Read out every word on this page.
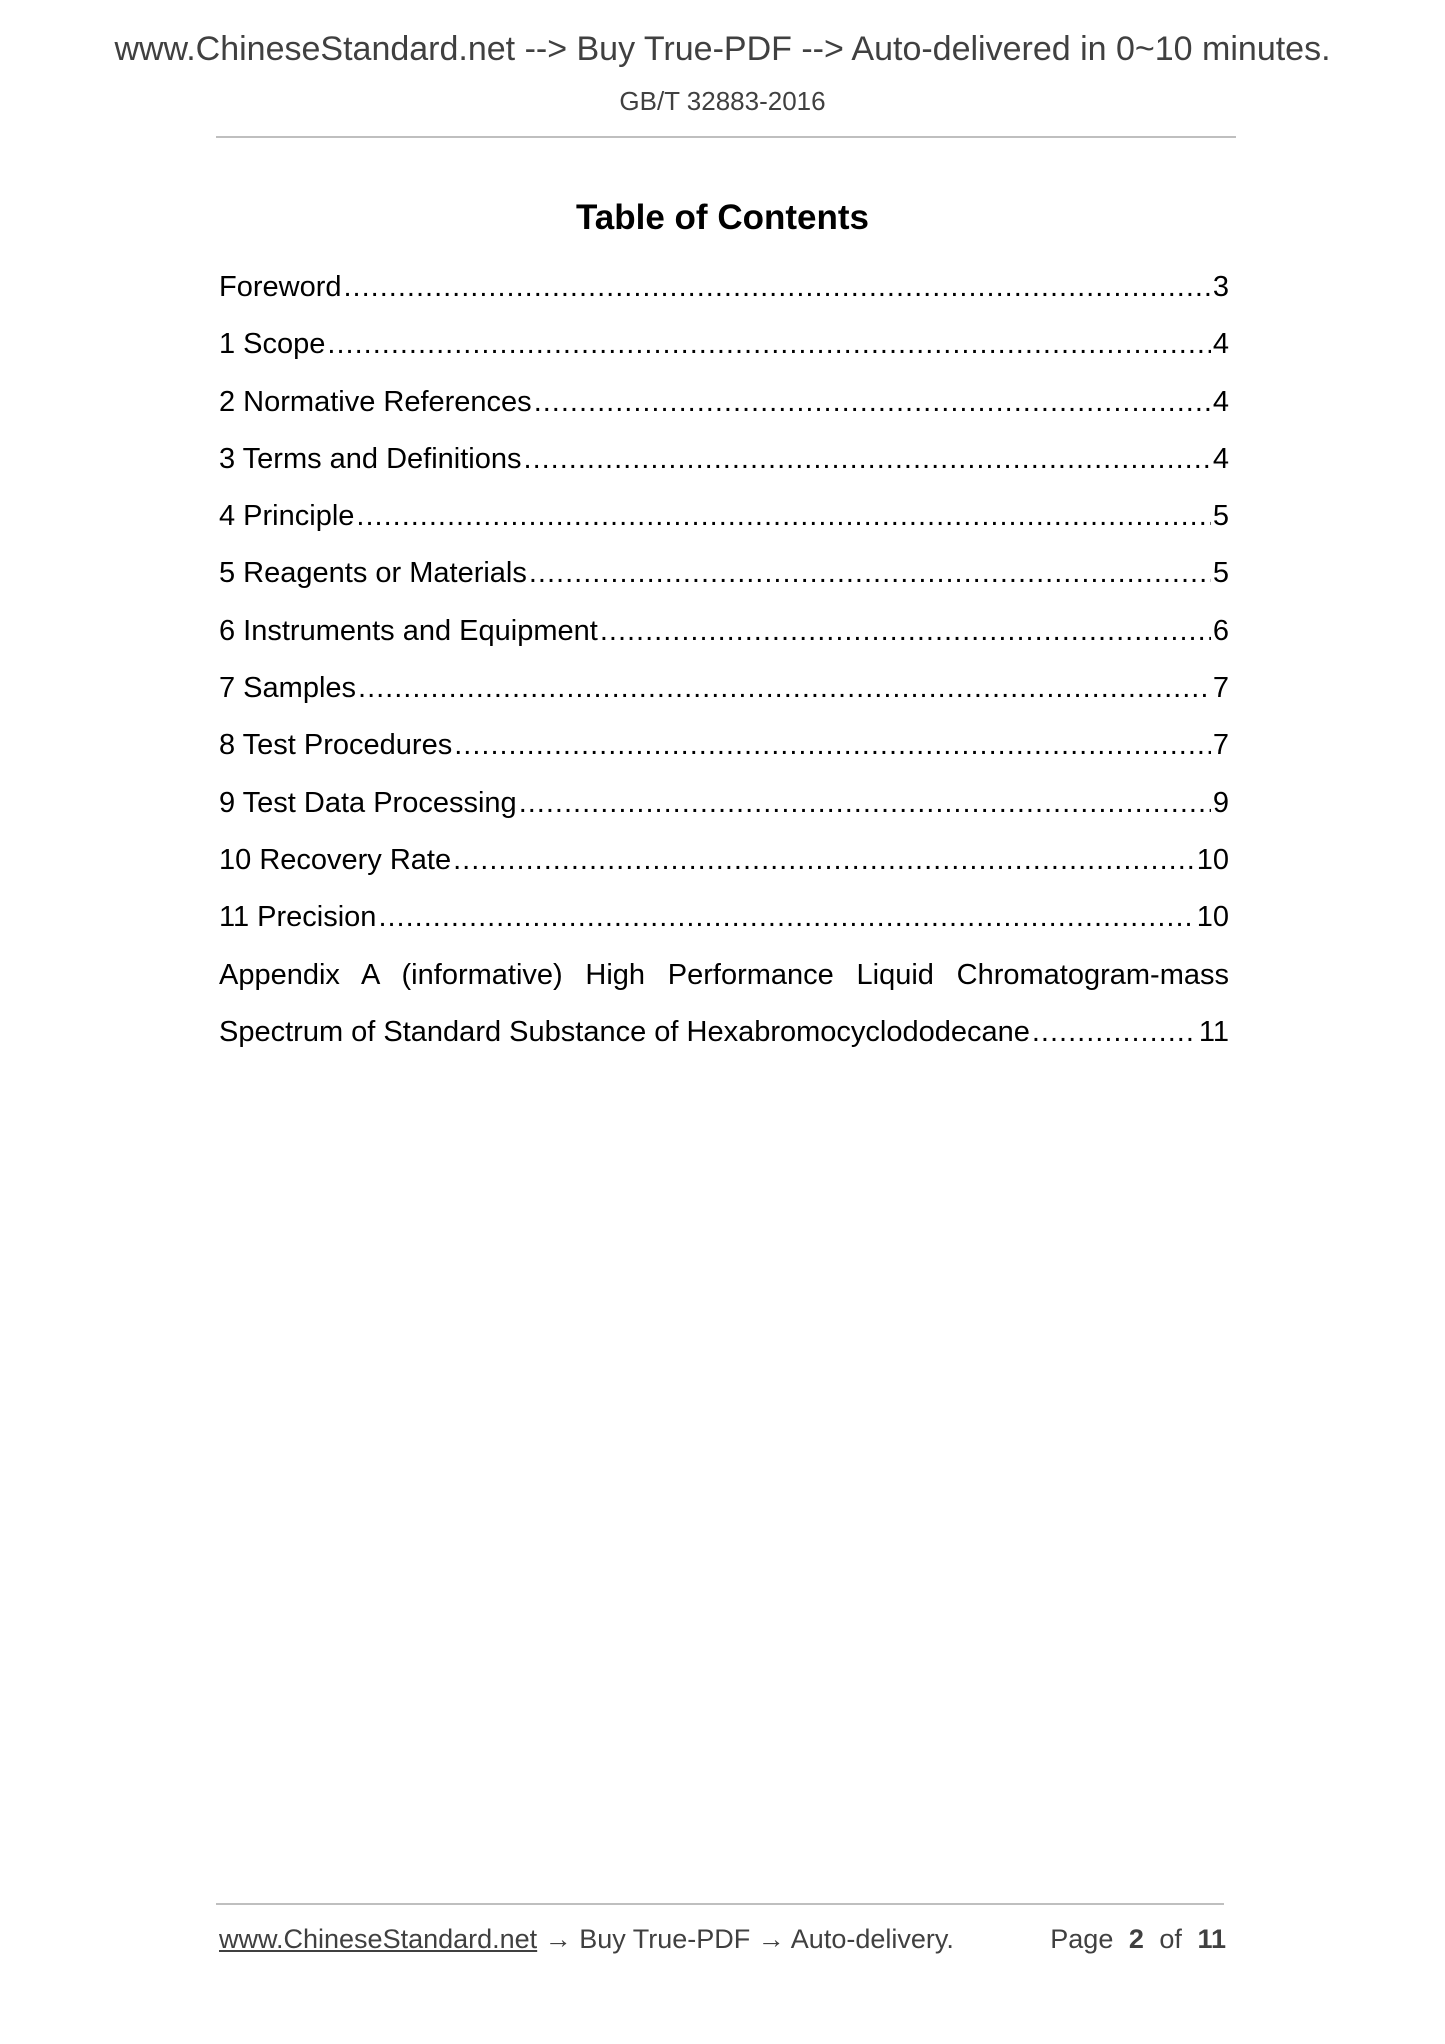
www.ChineseStandard.net --> Buy True-PDF --> Auto-delivered in 0~10 minutes.
GB/T 32883-2016
Table of Contents
Foreword .....	3
1 Scope .....	4
2 Normative References .....	4
3 Terms and Definitions .....	4
4 Principle .....	5
5 Reagents or Materials .....	5
6 Instruments and Equipment .....	6
7 Samples .....	7
8 Test Procedures .....	7
9 Test Data Processing .....	9
10 Recovery Rate .....	10
11 Precision .....	10
Appendix A (informative) High Performance Liquid Chromatogram-mass
Spectrum of Standard Substance of Hexabromocyclododecane .....	11
www.ChineseStandard.net → Buy True-PDF → Auto-delivery.	Page 2 of 11
